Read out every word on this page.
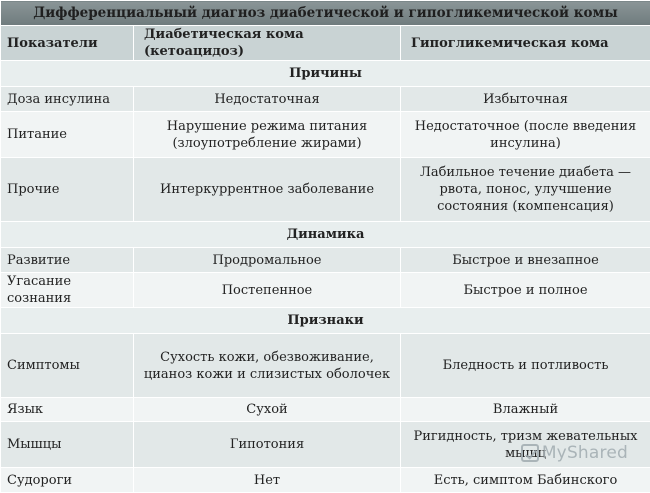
Дифференциальный диагноз диабетической и гипогликемической комы		
Показатели	Диабетическая кома (кетоацидоз)	Гипогликемическая кома
Причины		
Доза инсулина	Недостаточная	Избыточная
Питание	Нарушение режима питания (злоупотребление жирами)	Недостаточное (после введения инсулина)
Прочие	Интеркуррентное заболевание	Лабильное течение диабета — рвота, понос, улучшение состояния (компенсация)
Динамика		
Развитие	Продромальное	Быстрое и внезапное
Угасание сознания	Постепенное	Быстрое и полное
Признаки		
Симптомы	Сухость кожи, обезвоживание, цианоз кожи и слизистых оболочек	Бледность и потливость
Язык	Сухой	Влажный
Мышцы	Гипотония	Ригидность, тризм жевательных мышц
Судороги	Нет	Есть, симптом Бабинского
MyShared
